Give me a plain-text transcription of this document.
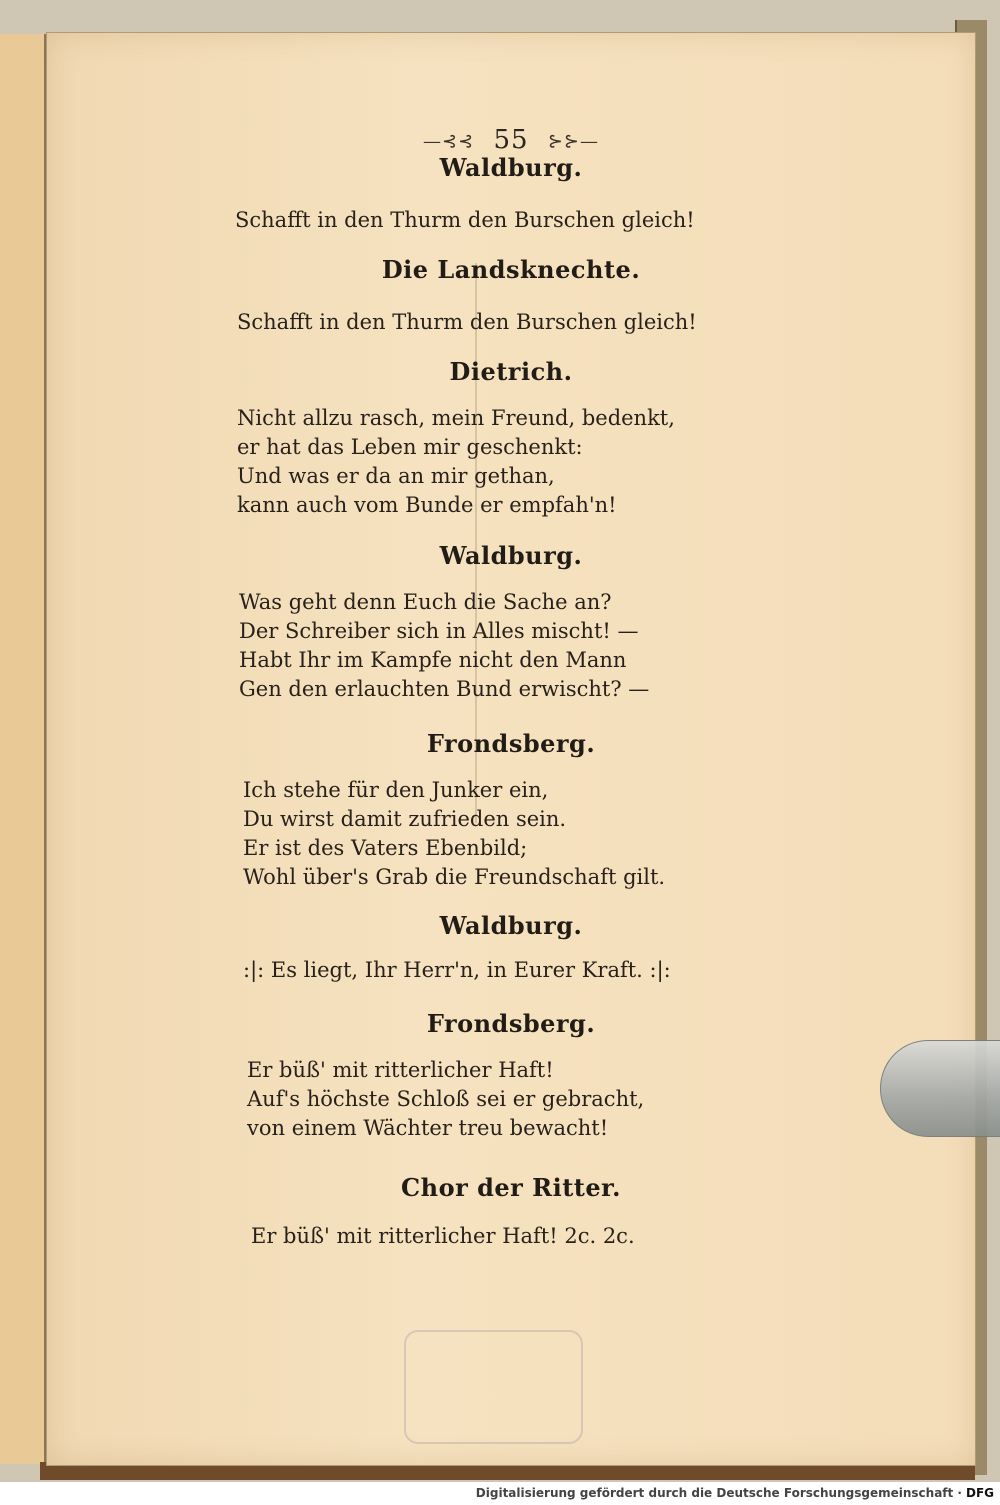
—⊰⊰ 55 ⊱⊱—
Waldburg.
Schafft in den Thurm den Burschen gleich!
Die Landsknechte.
Schafft in den Thurm den Burschen gleich!
Dietrich.
Nicht allzu rasch, mein Freund, bedenkt,
er hat das Leben mir geschenkt:
Und was er da an mir gethan,
kann auch vom Bunde er empfah'n!
Waldburg.
Was geht denn Euch die Sache an?
Der Schreiber sich in Alles mischt! —
Habt Ihr im Kampfe nicht den Mann
Gen den erlauchten Bund erwischt? —
Frondsberg.
Ich stehe für den Junker ein,
Du wirst damit zufrieden sein.
Er ist des Vaters Ebenbild;
Wohl über's Grab die Freundschaft gilt.
Waldburg.
:|: Es liegt, Ihr Herr'n, in Eurer Kraft. :|:
Frondsberg.
Er büß' mit ritterlicher Haft!
Auf's höchste Schloß sei er gebracht,
von einem Wächter treu bewacht!
Chor der Ritter.
Er büß' mit ritterlicher Haft! 2c. 2c.
Digitalisierung gefördert durch die Deutsche Forschungsgemeinschaft · DFG
